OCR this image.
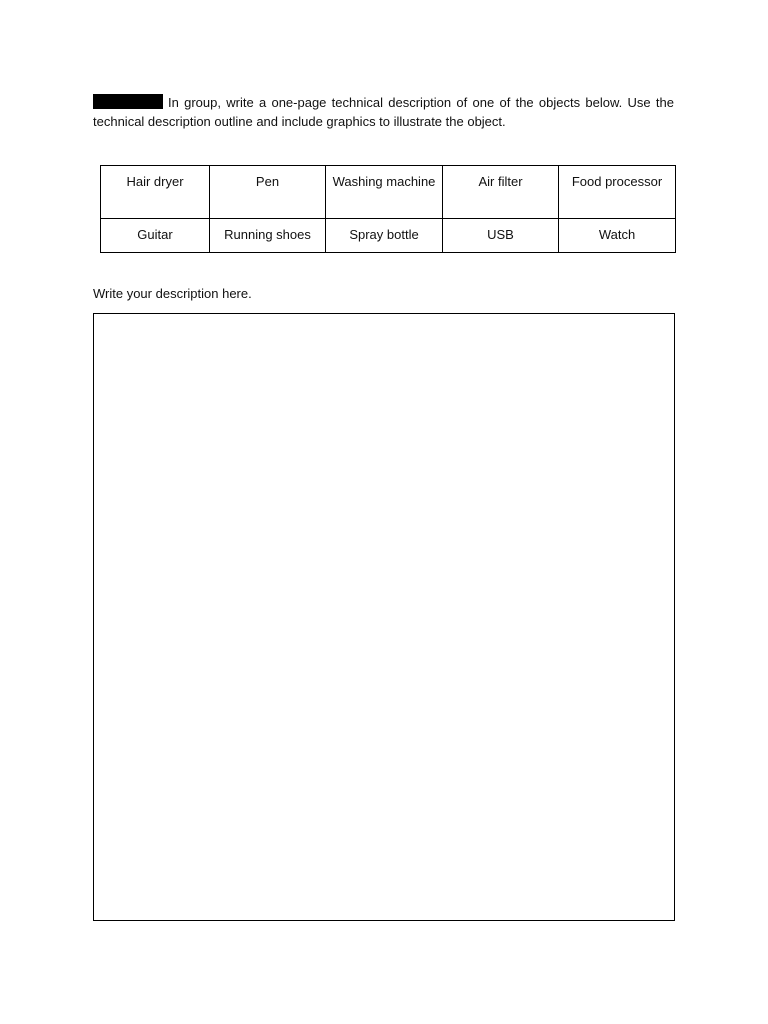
In group, write a one-page technical description of one of the objects below. Use the technical description outline and include graphics to illustrate the object.

Hair dryer	Pen	Washing machine	Air filter	Food processor
Guitar	Running shoes	Spray bottle	USB	Watch

Write your description here.
